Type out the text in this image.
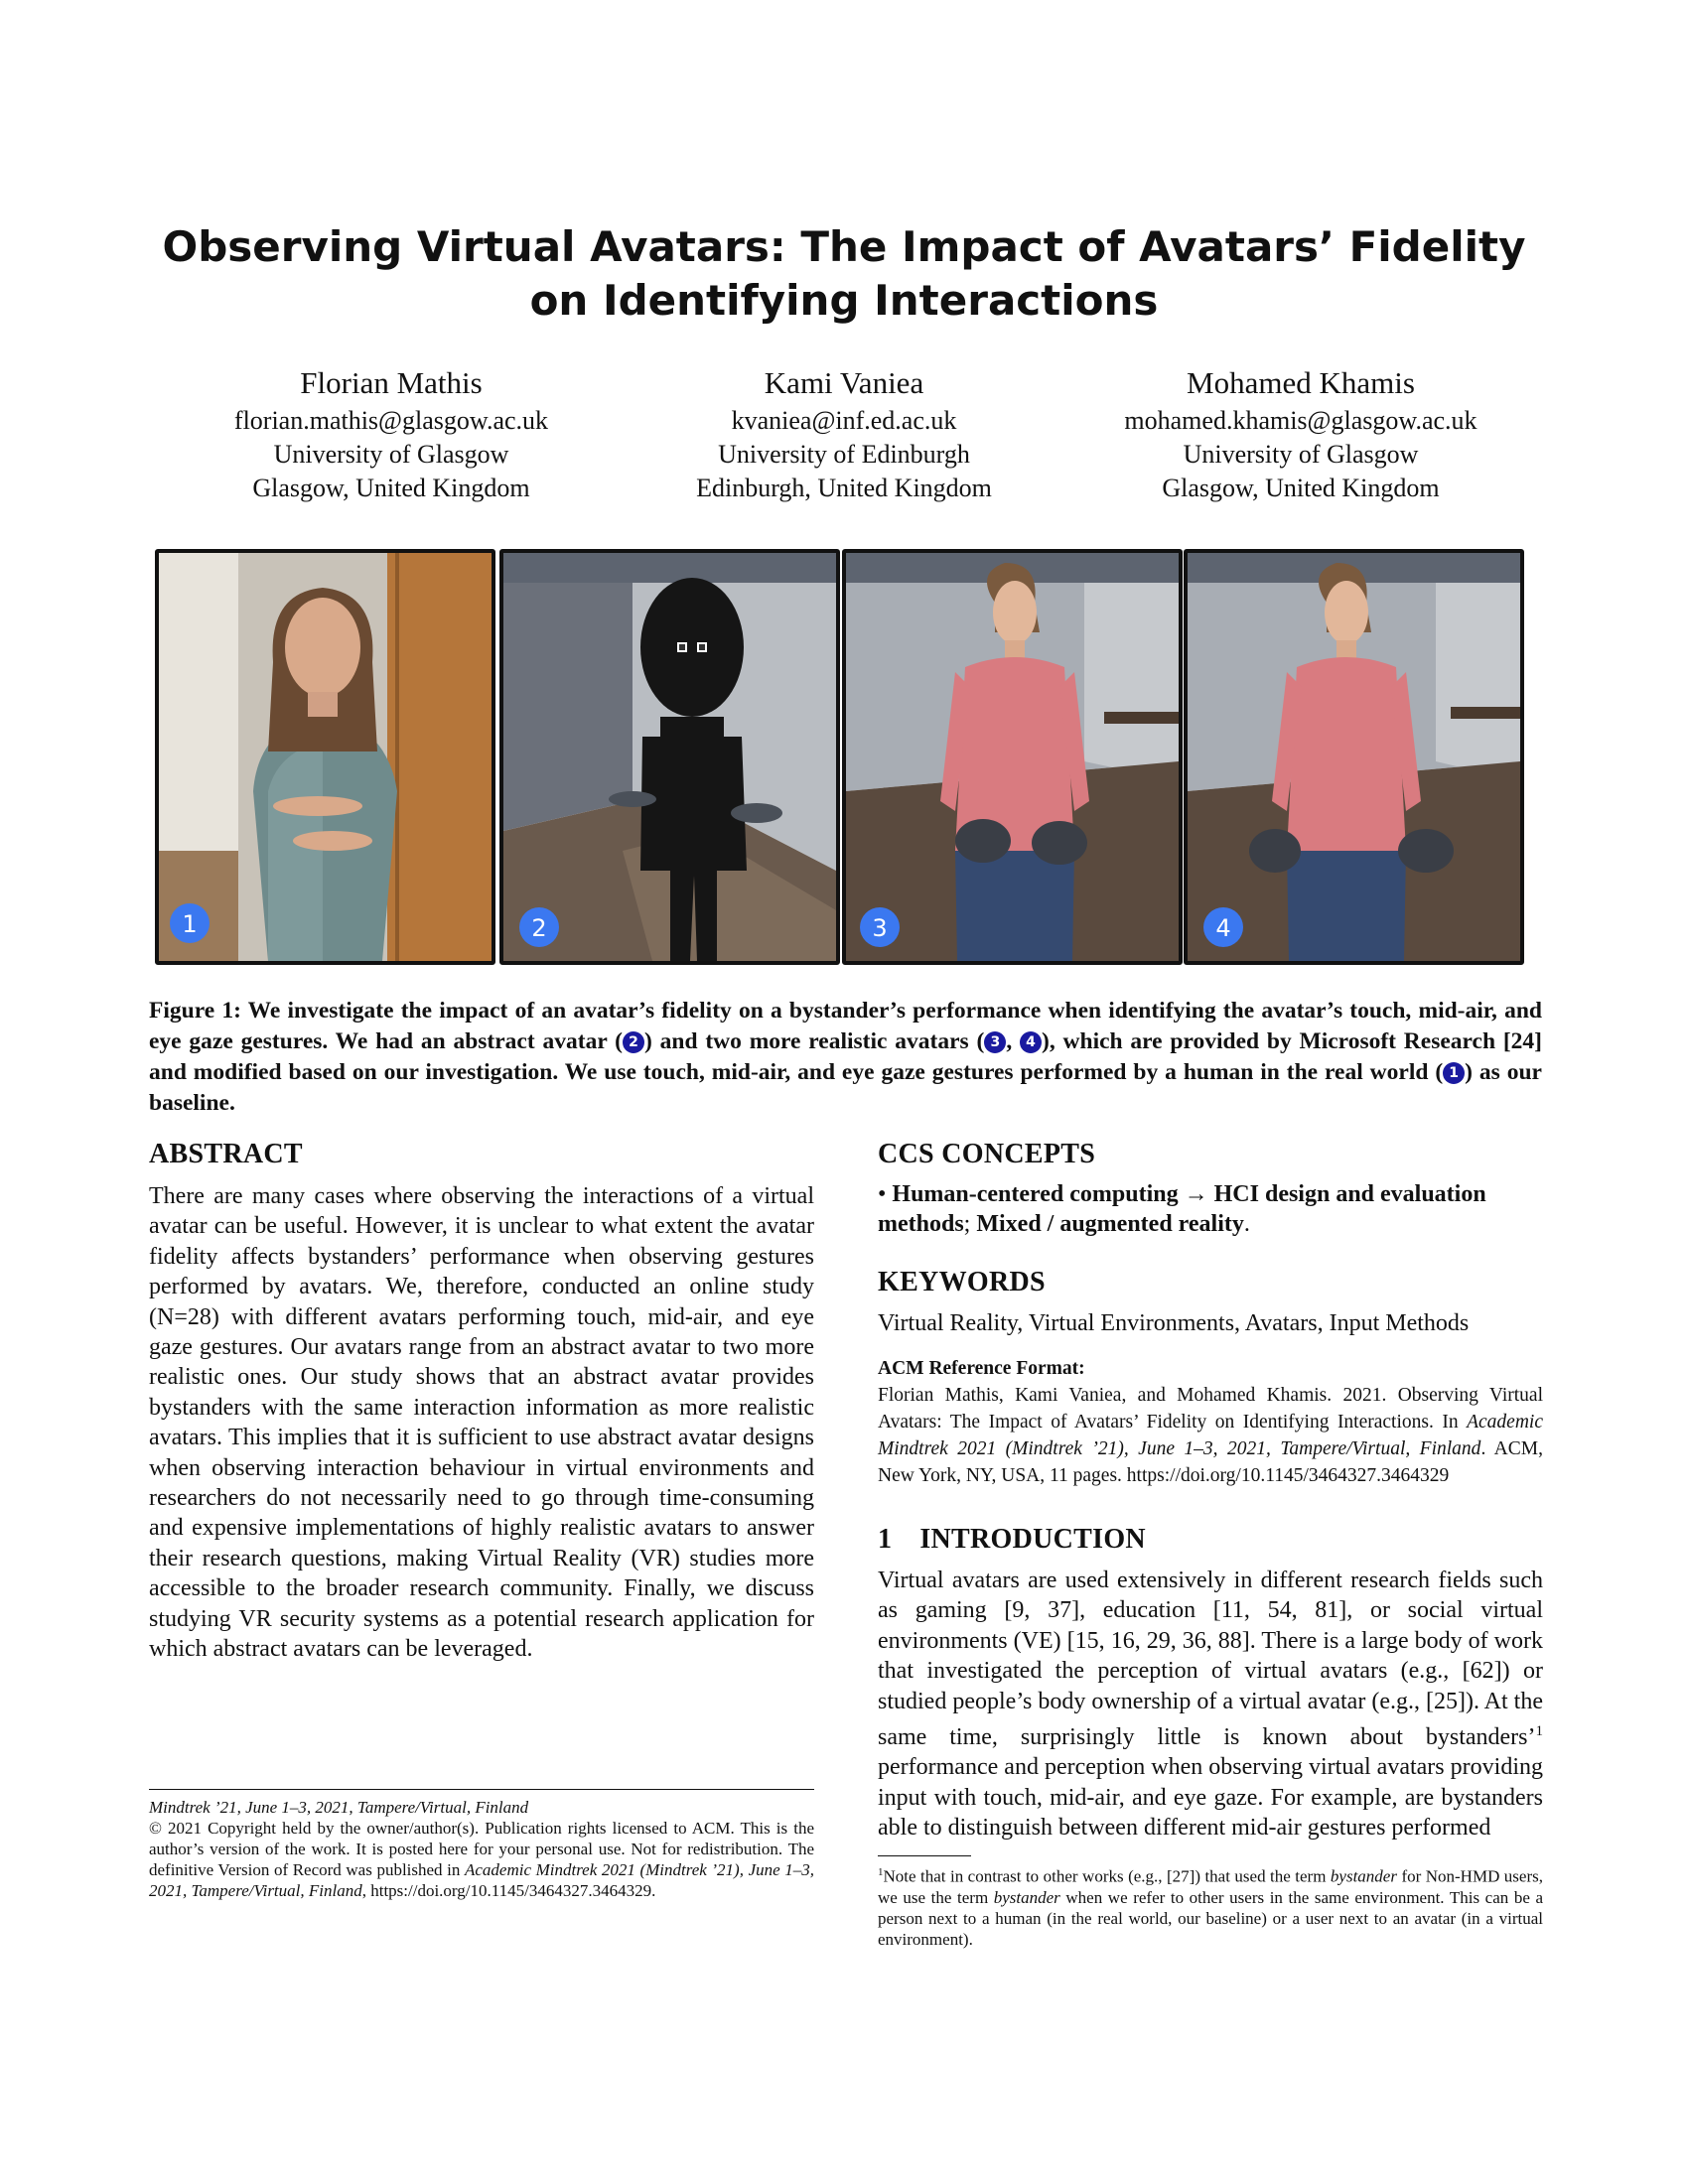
Observing Virtual Avatars: The Impact of Avatars’ Fidelity on Identifying Interactions
Florian Mathis
florian.mathis@glasgow.ac.uk
University of Glasgow
Glasgow, United Kingdom
Kami Vaniea
kvaniea@inf.ed.ac.uk
University of Edinburgh
Edinburgh, United Kingdom
Mohamed Khamis
mohamed.khamis@glasgow.ac.uk
University of Glasgow
Glasgow, United Kingdom
1	2	3	4

Figure 1: We investigate the impact of an avatar’s fidelity on a bystander’s performance when identifying the avatar’s touch, mid-air, and eye gaze gestures. We had an abstract avatar ( 2 ) and two more realistic avatars ( 3 , 4 ), which are provided by Microsoft Research [24] and modified based on our investigation. We use touch, mid-air, and eye gaze gestures performed by a human in the real world ( 1 ) as our baseline.

ABSTRACT

There are many cases where observing the interactions of a virtual avatar can be useful. However, it is unclear to what extent the avatar fidelity affects bystanders’ performance when observing gestures performed by avatars. We, therefore, conducted an online study (N=28) with different avatars performing touch, mid-air, and eye gaze gestures. Our avatars range from an abstract avatar to two more realistic ones. Our study shows that an abstract avatar provides bystanders with the same interaction information as more realistic avatars. This implies that it is sufficient to use abstract avatar designs when observing interaction behaviour in virtual environments and researchers do not necessarily need to go through time-consuming and expensive implementations of highly realistic avatars to answer their research questions, making Virtual Reality (VR) studies more accessible to the broader research community. Finally, we discuss studying VR security systems as a potential research application for which abstract avatars can be leveraged.

Mindtrek ’21, June 1–3, 2021, Tampere/Virtual, Finland
© 2021 Copyright held by the owner/author(s). Publication rights licensed to ACM. This is the author’s version of the work. It is posted here for your personal use. Not for redistribution. The definitive Version of Record was published in Academic Mindtrek 2021 (Mindtrek ’21), June 1–3, 2021, Tampere/Virtual, Finland, https://doi.org/10.1145/3464327.3464329.
CCS CONCEPTS

• Human-centered computing → HCI design and evaluation methods; Mixed / augmented reality.

KEYWORDS

Virtual Reality, Virtual Environments, Avatars, Input Methods

ACM Reference Format:
Florian Mathis, Kami Vaniea, and Mohamed Khamis. 2021. Observing Virtual Avatars: The Impact of Avatars’ Fidelity on Identifying Interactions. In Academic Mindtrek 2021 (Mindtrek ’21), June 1–3, 2021, Tampere/Virtual, Finland. ACM, New York, NY, USA, 11 pages. https://doi.org/10.1145/3464327.3464329
1 INTRODUCTION

Virtual avatars are used extensively in different research fields such as gaming [9, 37], education [11, 54, 81], or social virtual environments (VE) [15, 16, 29, 36, 88]. There is a large body of work that investigated the perception of virtual avatars (e.g., [62]) or studied people’s body ownership of a virtual avatar (e.g., [25]). At the same time, surprisingly little is known about bystanders’$^1$ performance and perception when observing virtual avatars providing input with touch, mid-air, and eye gaze. For example, are bystanders able to distinguish between different mid-air gestures performed

$^1$Note that in contrast to other works (e.g., [27]) that used the term bystander for Non-HMD users, we use the term bystander when we refer to other users in the same environment. This can be a person next to a human (in the real world, our baseline) or a user next to an avatar (in a virtual environment).
